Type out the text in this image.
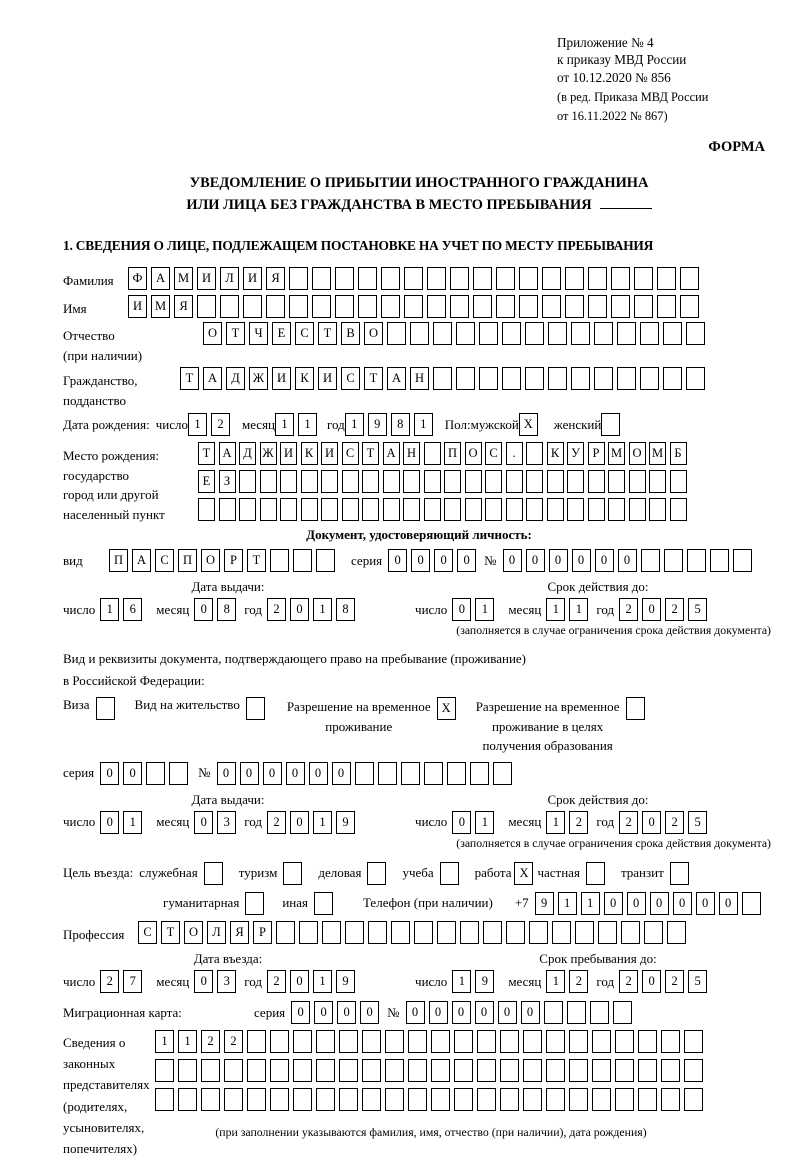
Приложение № 4
к приказу МВД России
от 10.12.2020 № 856
(в ред. Приказа МВД России
от 16.11.2022 № 867)
ФОРМА
УВЕДОМЛЕНИЕ О ПРИБЫТИИ ИНОСТРАННОГО ГРАЖДАНИНА
ИЛИ ЛИЦА БЕЗ ГРАЖДАНСТВА В МЕСТО ПРЕБЫВАНИЯ
1. СВЕДЕНИЯ О ЛИЦЕ, ПОДЛЕЖАЩЕМ ПОСТАНОВКЕ НА УЧЕТ ПО МЕСТУ ПРЕБЫВАНИЯ
Фамилия	Ф	А	М	И	Л	И	Я
Имя	И	М	Я
Отчество
(при наличии)
О	Т	Ч	Е	С	Т	В	О
Гражданство,
подданство
Т	А	Д	Ж	И	К	И	С	Т	А	Н
Дата рождения: число 1	2	месяц 1	1	год 1	9	8	1	Пол: мужской X	женский
Место рождения:
государство
город или другой
населенный пункт
Т А Д Ж И К И С	Т А Н	П О С	.	К У	Р М О М Б
Е	З
Документ, удостоверяющий личность:
вид	П	А	С	П	О	Р	Т	серия 0	0	0	0	№ 0	0	0	0	0	0
Дата выдачи:	Срок действия до:
число 1	6	месяц 0	8	год 2	0	1	8	число 0	1	месяц 1	1	год 2	0	2	5
(заполняется в случае ограничения срока действия документа)
Вид и реквизиты документа, подтверждающего право на пребывание (проживание)
в Российской Федерации:
Виза	Вид на жительство	Разрешение на временное
проживание
X	Разрешение на временное
проживание в целях
получения образования
серия 0	0	№ 0	0	0	0	0	0
Дата выдачи:	Срок действия до:
число 0	1	месяц 0	3	год 2	0	1	9	число 0	1	месяц 1	2	год 2	0	2	5
(заполняется в случае ограничения срока действия документа)
Цель въезда: служебная	туризм	деловая	учеба	работа X частная	транзит
гуманитарная	иная	Телефон (при наличии) +7 9	1	1	0	0	0	0	0	0
Профессия	С	Т	О	Л	Я	Р
Дата въезда:	Срок пребывания до:
число 2	7	месяц 0	3	год 2	0	1	9	число 1	9	месяц 1	2	год 2	0	2	5
Миграционная карта:	серия 0	0	0	0	№ 0	0	0	0	0	0
Сведения о
законных
представителях
(родителях,
усыновителях,
попечителях)
1	1	2	2
(при заполнении указываются фамилия, имя, отчество (при наличии), дата рождения)
